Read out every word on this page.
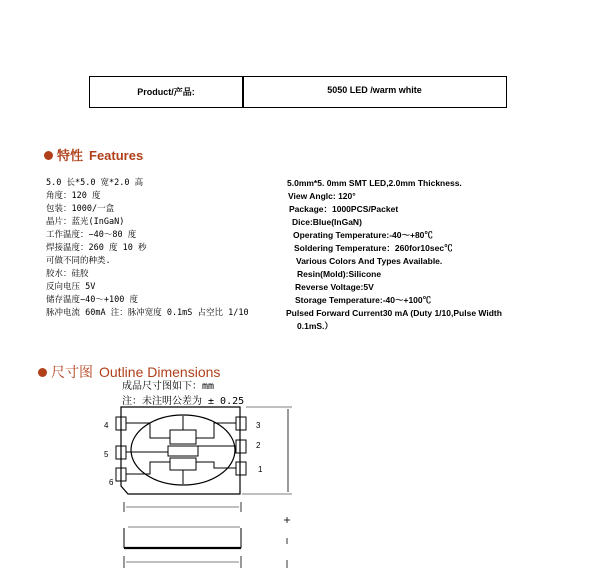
Product/产品:	5050 LED /warm white
特性 Features
5.0 长*5.0 宽*2.0 高
角度：120 度
包装：1000/一盒
晶片：蓝光(InGaN)
工作温度：−40〜80 度
焊接温度：260 度 10 秒
可做不同的种类.
胶水：硅胶
反向电压 5V
储存温度−40〜+100 度
脉冲电流 60mA 注：脉冲宽度 0.1mS 占空比 1/10
5.0mm*5. 0mm SMT LED,2.0mm Thickness.
View Anglc: 120°
Package：1000PCS/Packet
Dice:Blue(InGaN)
Operating Temperature:-40～+80℃
Soldering Temperature：260for10sec℃
Various Colors And Types Available.
Resin(Mold):Silicone
Reverse Voltage:5V
Storage Temperature:-40～+100℃
Pulsed Forward Current30 mA (Duty 1/10,Pulse Width
0.1mS.）
尺寸图 Outline Dimensions
成品尺寸图如下：mm
注：未注明公差为 ± 0.25
4
5
6
3
2
1
